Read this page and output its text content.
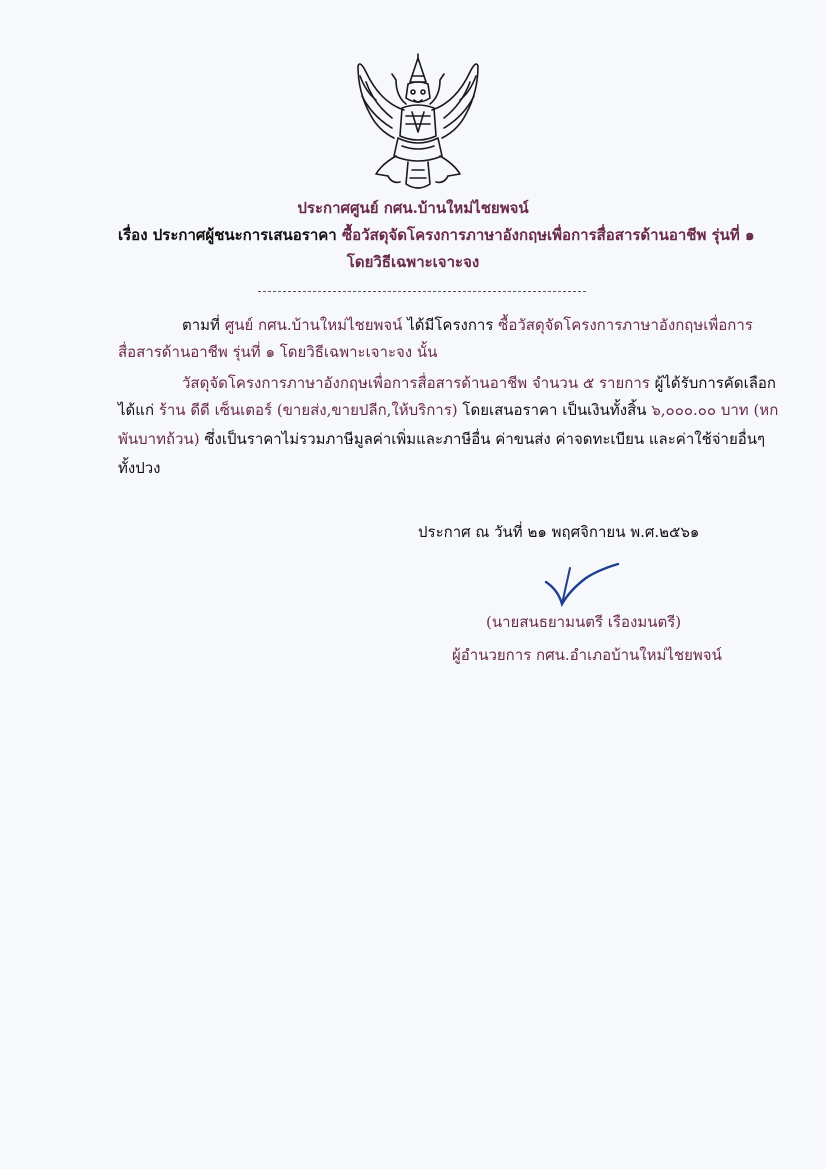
ประกาศศูนย์ กศน.บ้านใหม่ไชยพจน์
เรื่อง ประกาศผู้ชนะการเสนอราคา ซื้อวัสดุจัดโครงการภาษาอังกฤษเพื่อการสื่อสารด้านอาชีพ รุ่นที่ ๑
โดยวิธีเฉพาะเจาะจง
ตามที่ ศูนย์ กศน.บ้านใหม่ไชยพจน์ ได้มีโครงการ ซื้อวัสดุจัดโครงการภาษาอังกฤษเพื่อการ
สื่อสารด้านอาชีพ รุ่นที่ ๑ โดยวิธีเฉพาะเจาะจง นั้น
วัสดุจัดโครงการภาษาอังกฤษเพื่อการสื่อสารด้านอาชีพ จำนวน ๕ รายการ ผู้ได้รับการคัดเลือก
ได้แก่ ร้าน ดีดี เซ็นเตอร์ (ขายส่ง,ขายปลีก,ให้บริการ) โดยเสนอราคา เป็นเงินทั้งสิ้น ๖,๐๐๐.๐๐ บาท (หก
พันบาทถ้วน) ซึ่งเป็นราคาไม่รวมภาษีมูลค่าเพิ่มและภาษีอื่น ค่าขนส่ง ค่าจดทะเบียน และค่าใช้จ่ายอื่นๆ
ทั้งปวง
ประกาศ ณ วันที่ ๒๑ พฤศจิกายน พ.ศ.๒๕๖๑
(นายสนธยามนตรี เรืองมนตรี)
ผู้อำนวยการ กศน.อำเภอบ้านใหม่ไชยพจน์
